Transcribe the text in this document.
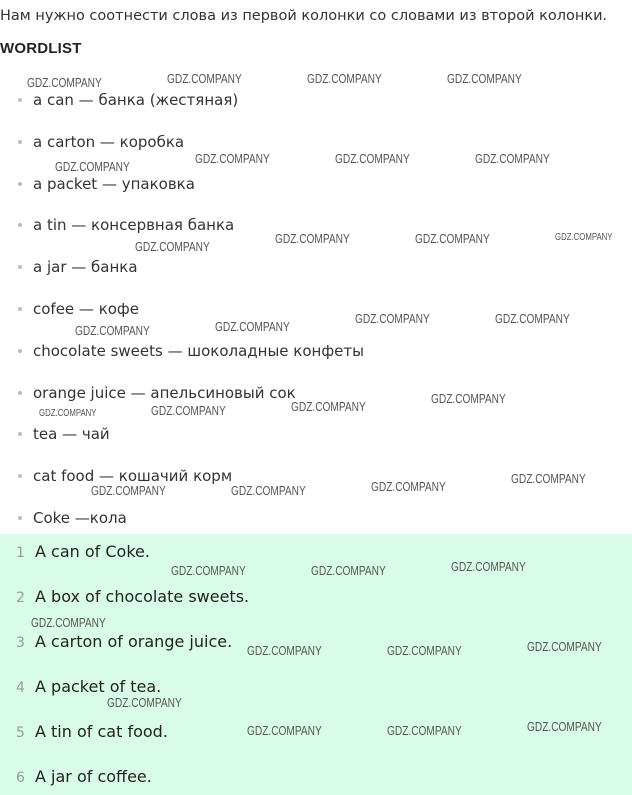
Нам нужно соотнести слова из первой колонки со словами из второй колонки.
WORDLIST
a can — банка (жестяная)
a carton — коробка
a packet — упаковка
a tin — консервная банка
a jar — банка
cofee — кофе
chocolate sweets — шоколадные конфеты
orange juice — апельсиновый сок
tea — чай
cat food — кошачий корм
Coke —кола
1 A can of Coke.
2 A box of chocolate sweets.
3 A carton of orange juice.
4 A packet of tea.
5 A tin of cat food.
6 A jar of coffee.
GDZ.COMPANY	GDZ.COMPANY	GDZ.COMPANY	GDZ.COMPANY
GDZ.COMPANY
GDZ.COMPANY	GDZ.COMPANY	GDZ.COMPANY
GDZ.COMPANY
GDZ.COMPANY	GDZ.COMPANY	GDZ.COMPANY
GDZ.COMPANY	GDZ.COMPANY
GDZ.COMPANY	GDZ.COMPANY
GDZ.COMPANY	GDZ.COMPANY	GDZ.COMPANY
GDZ.COMPANY
GDZ.COMPANY	GDZ.COMPANY	GDZ.COMPANY
GDZ.COMPANY
GDZ.COMPANY	GDZ.COMPANY	GDZ.COMPANY
GDZ.COMPANY
GDZ.COMPANY	GDZ.COMPANY	GDZ.COMPANY
GDZ.COMPANY
GDZ.COMPANY	GDZ.COMPANY	GDZ.COMPANY
